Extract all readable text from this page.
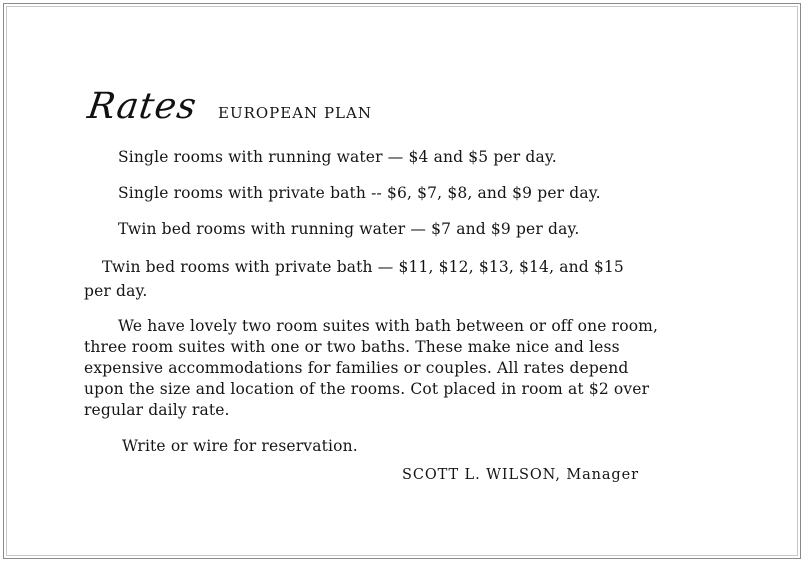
Rates EUROPEAN PLAN
Single rooms with running water — $4 and $5 per day.
Single rooms with private bath -- $6, $7, $8, and $9 per day.
Twin bed rooms with running water — $7 and $9 per day.
Twin bed rooms with private bath — $11, $12, $13, $14, and $15
per day.
We have lovely two room suites with bath between or off one room,
three room suites with one or two baths. These make nice and less
expensive accommodations for families or couples. All rates depend
upon the size and location of the rooms. Cot placed in room at $2 over
regular daily rate.
Write or wire for reservation.
SCOTT L. WILSON, Manager
